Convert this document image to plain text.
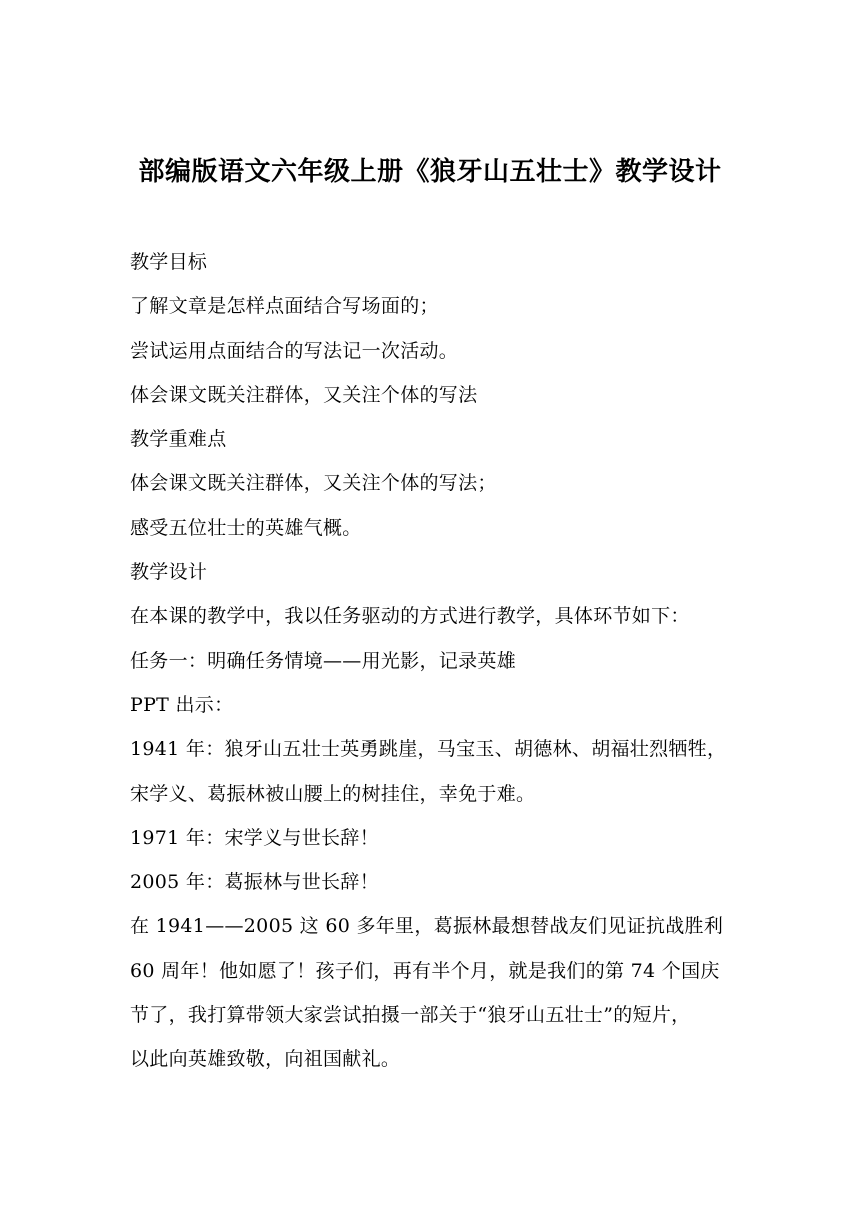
部编版语文六年级上册《狼牙山五壮士》教学设计

教学目标

了解文章是怎样点面结合写场面的；

尝试运用点面结合的写法记一次活动。

体会课文既关注群体，又关注个体的写法

教学重难点

体会课文既关注群体，又关注个体的写法；

感受五位壮士的英雄气概。

教学设计

在本课的教学中，我以任务驱动的方式进行教学，具体环节如下：

任务一：明确任务情境——用光影，记录英雄

PPT 出示：

1941 年：狼牙山五壮士英勇跳崖，马宝玉、胡德林、胡福壮烈牺牲，

宋学义、葛振林被山腰上的树挂住，幸免于难。

1971 年：宋学义与世长辞！

2005 年：葛振林与世长辞！

在 1941——2005 这 60 多年里，葛振林最想替战友们见证抗战胜利

60 周年！他如愿了！孩子们，再有半个月，就是我们的第 74 个国庆

节了，我打算带领大家尝试拍摄一部关于“狼牙山五壮士”的短片，

以此向英雄致敬，向祖国献礼。
